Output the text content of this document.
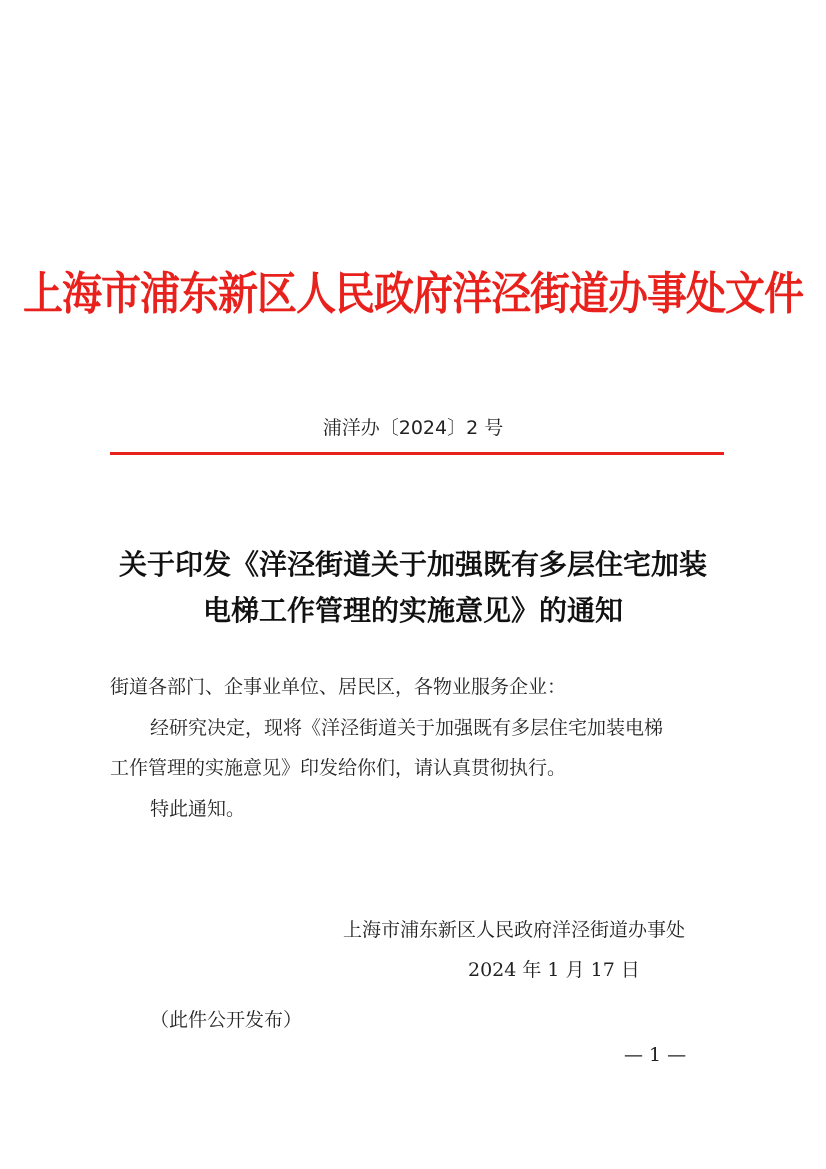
上海市浦东新区人民政府洋泾街道办事处文件
浦洋办〔2024〕2 号
关于印发《洋泾街道关于加强既有多层住宅加装
电梯工作管理的实施意见》的通知
街道各部门、企事业单位、居民区，各物业服务企业：
经研究决定，现将《洋泾街道关于加强既有多层住宅加装电梯
工作管理的实施意见》印发给你们，请认真贯彻执行。
特此通知。
上海市浦东新区人民政府洋泾街道办事处
2024 年 1 月 17 日
（此件公开发布）
— 1 —
